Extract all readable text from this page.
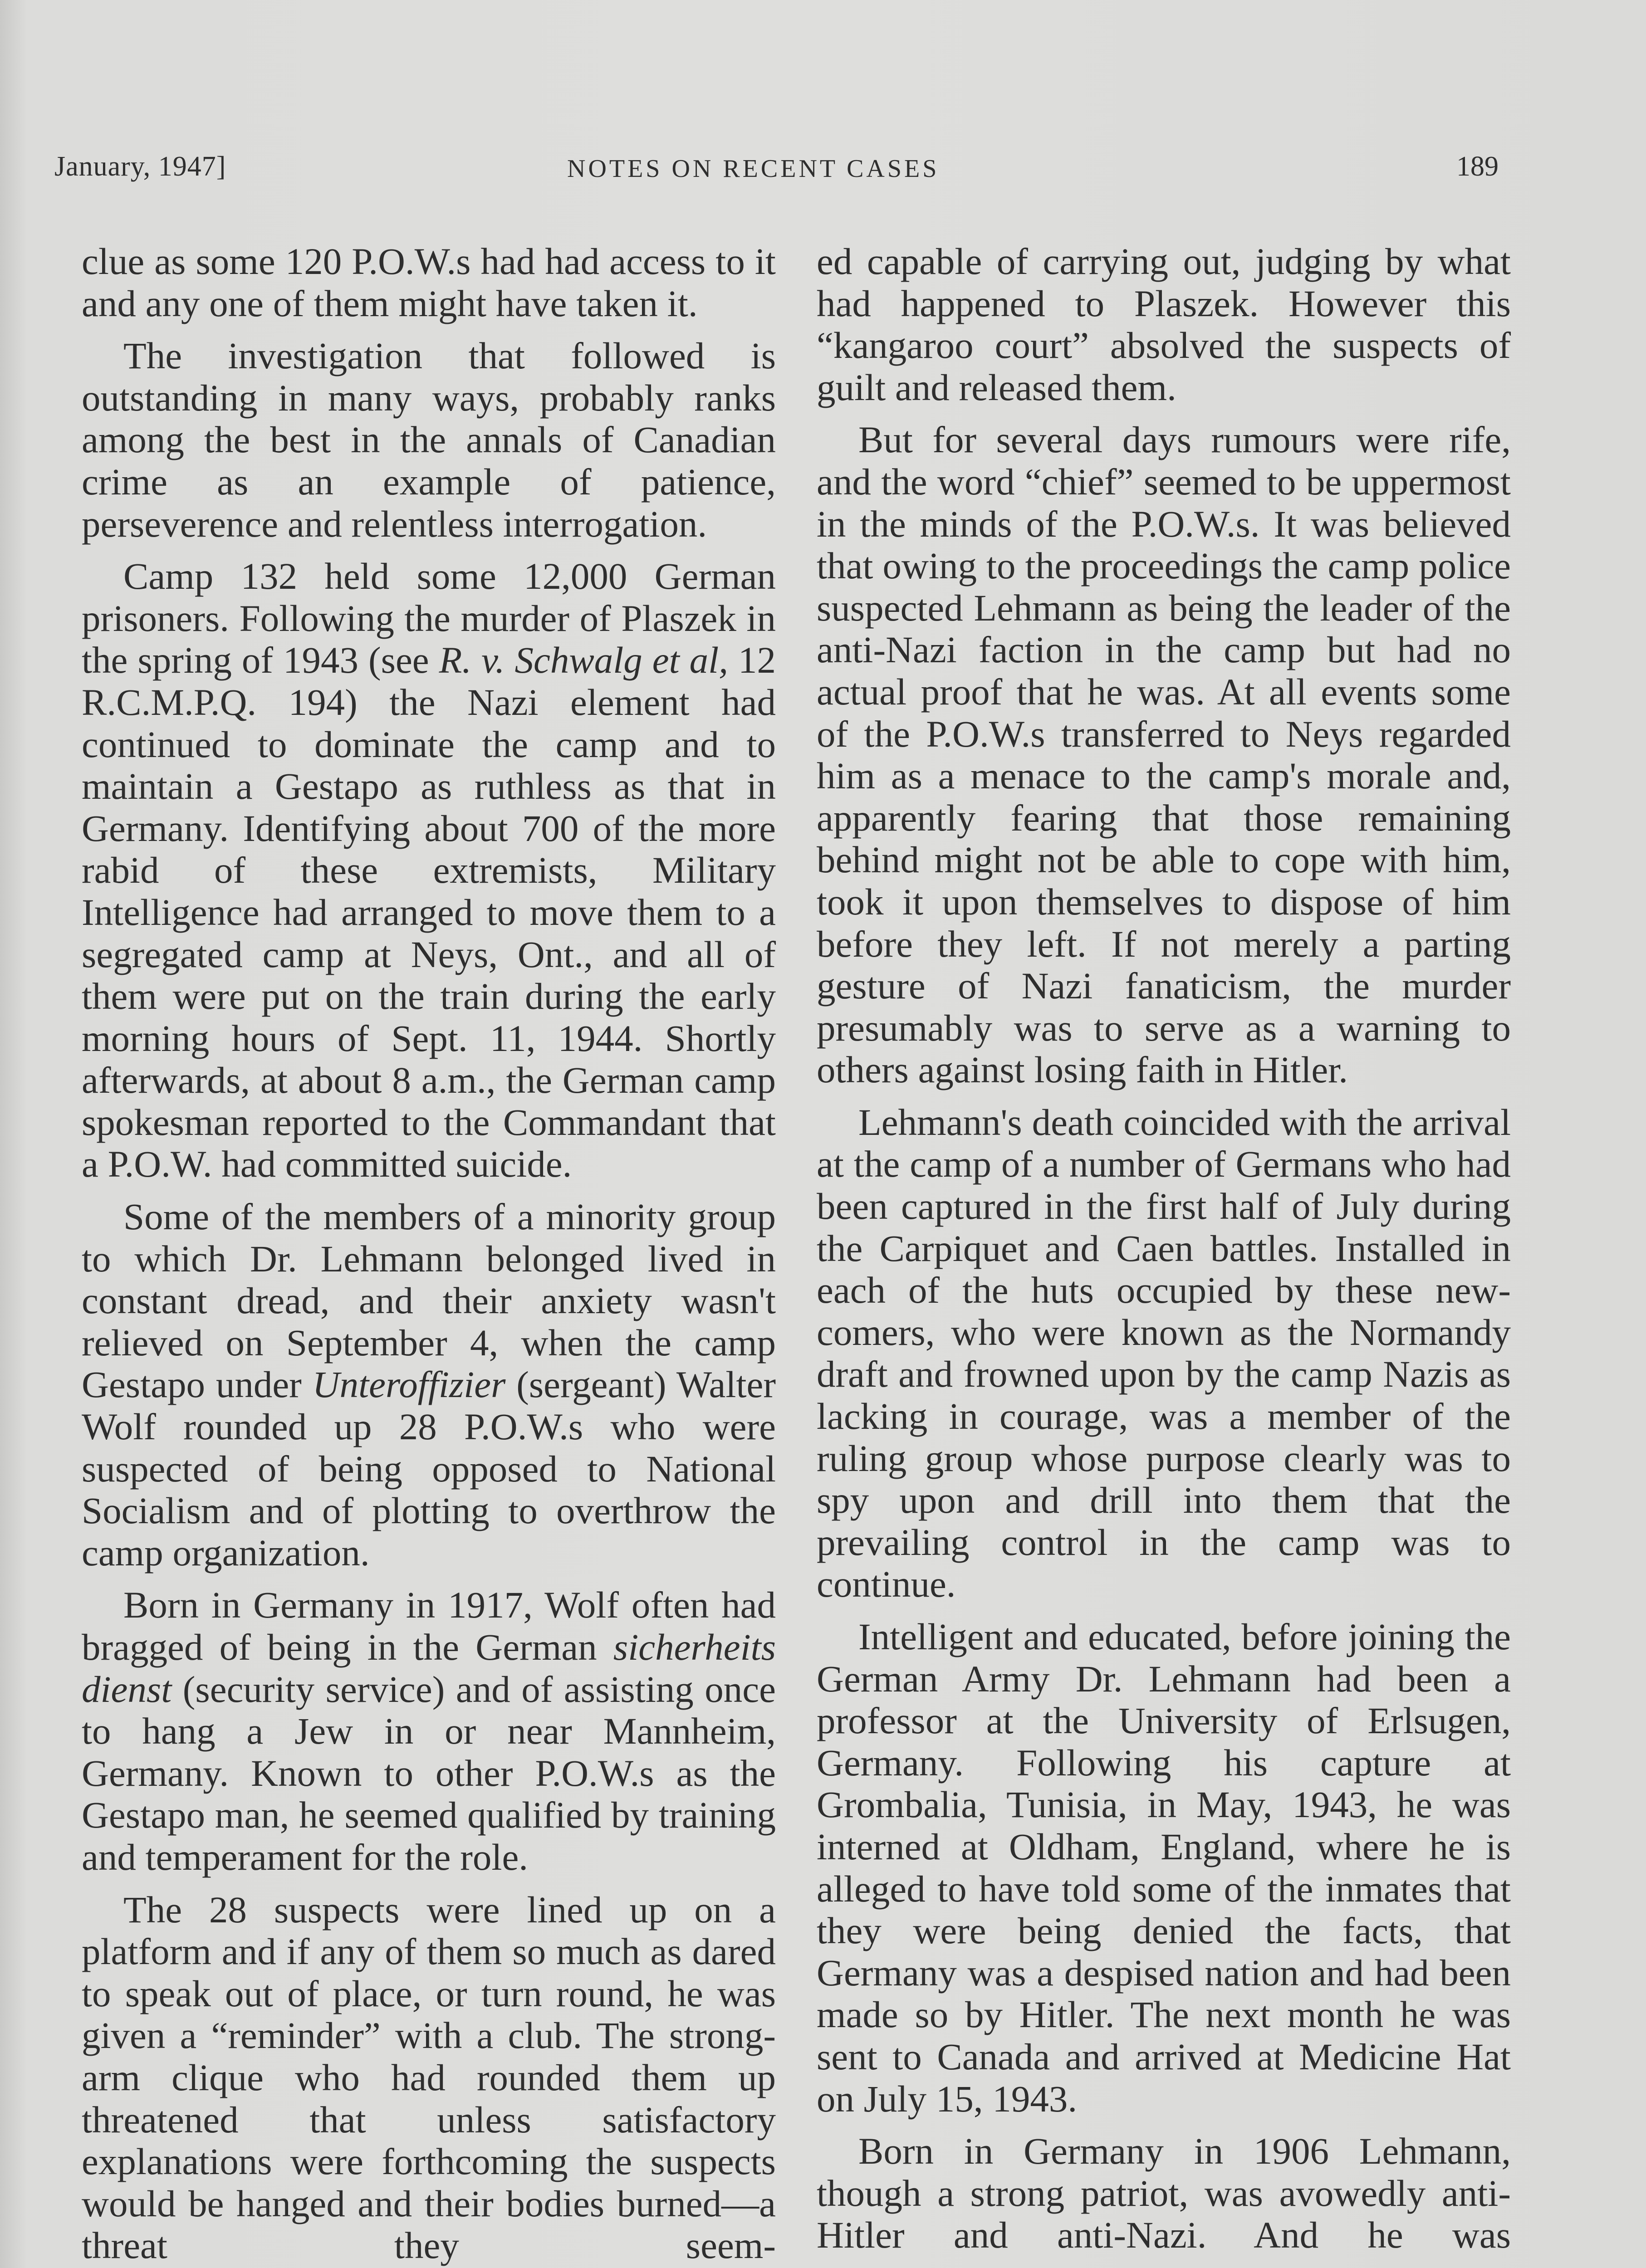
January, 1947]	NOTES ON RECENT CASES	189

clue as some 120 P.O.W.s had had access to it and any one of them might have taken it.

The investigation that followed is outstanding in many ways, probably ranks among the best in the annals of Canadian crime as an example of patience, perseverence and relentless interrogation.

Camp 132 held some 12,000 German prisoners. Following the murder of Plaszek in the spring of 1943 (see R. v. Schwalg et al, 12 R.C.M.P.Q. 194) the Nazi element had continued to dominate the camp and to maintain a Gestapo as ruthless as that in Germany. Identifying about 700 of the more rabid of these extremists, Military Intelligence had arranged to move them to a segregated camp at Neys, Ont., and all of them were put on the train during the early morning hours of Sept. 11, 1944. Shortly afterwards, at about 8 a.m., the German camp spokesman reported to the Commandant that a P.O.W. had committed suicide.

Some of the members of a minority group to which Dr. Lehmann belonged lived in constant dread, and their anxiety wasn't relieved on September 4, when the camp Gestapo under Unteroffizier (sergeant) Walter Wolf rounded up 28 P.O.W.s who were suspected of being opposed to National Socialism and of plotting to overthrow the camp organization.

Born in Germany in 1917, Wolf often had bragged of being in the German sicherheits dienst (security service) and of assisting once to hang a Jew in or near Mannheim, Germany. Known to other P.O.W.s as the Gestapo man, he seemed qualified by training and temperament for the role.

The 28 suspects were lined up on a platform and if any of them so much as dared to speak out of place, or turn round, he was given a “reminder” with a club. The strong-arm clique who had rounded them up threatened that unless satisfactory explanations were forthcoming the suspects would be hanged and their bodies burned—a threat they seem-

ed capable of carrying out, judging by what had happened to Plaszek. However this “kangaroo court” absolved the suspects of guilt and released them.

But for several days rumours were rife, and the word “chief” seemed to be uppermost in the minds of the P.O.W.s. It was believed that owing to the proceedings the camp police suspected Lehmann as being the leader of the anti-Nazi faction in the camp but had no actual proof that he was. At all events some of the P.O.W.s transferred to Neys regarded him as a menace to the camp's morale and, apparently fearing that those remaining behind might not be able to cope with him, took it upon themselves to dispose of him before they left. If not merely a parting gesture of Nazi fanaticism, the murder presumably was to serve as a warning to others against losing faith in Hitler.

Lehmann's death coincided with the arrival at the camp of a number of Germans who had been captured in the first half of July during the Carpiquet and Caen battles. Installed in each of the huts occupied by these new-comers, who were known as the Normandy draft and frowned upon by the camp Nazis as lacking in courage, was a member of the ruling group whose purpose clearly was to spy upon and drill into them that the prevailing control in the camp was to continue.

Intelligent and educated, before joining the German Army Dr. Lehmann had been a professor at the University of Erlsugen, Germany. Following his capture at Grombalia, Tunisia, in May, 1943, he was interned at Oldham, England, where he is alleged to have told some of the inmates that they were being denied the facts, that Germany was a despised nation and had been made so by Hitler. The next month he was sent to Canada and arrived at Medicine Hat on July 15, 1943.

Born in Germany in 1906 Lehmann, though a strong patriot, was avowedly anti-Hitler and anti-Nazi. And he was
